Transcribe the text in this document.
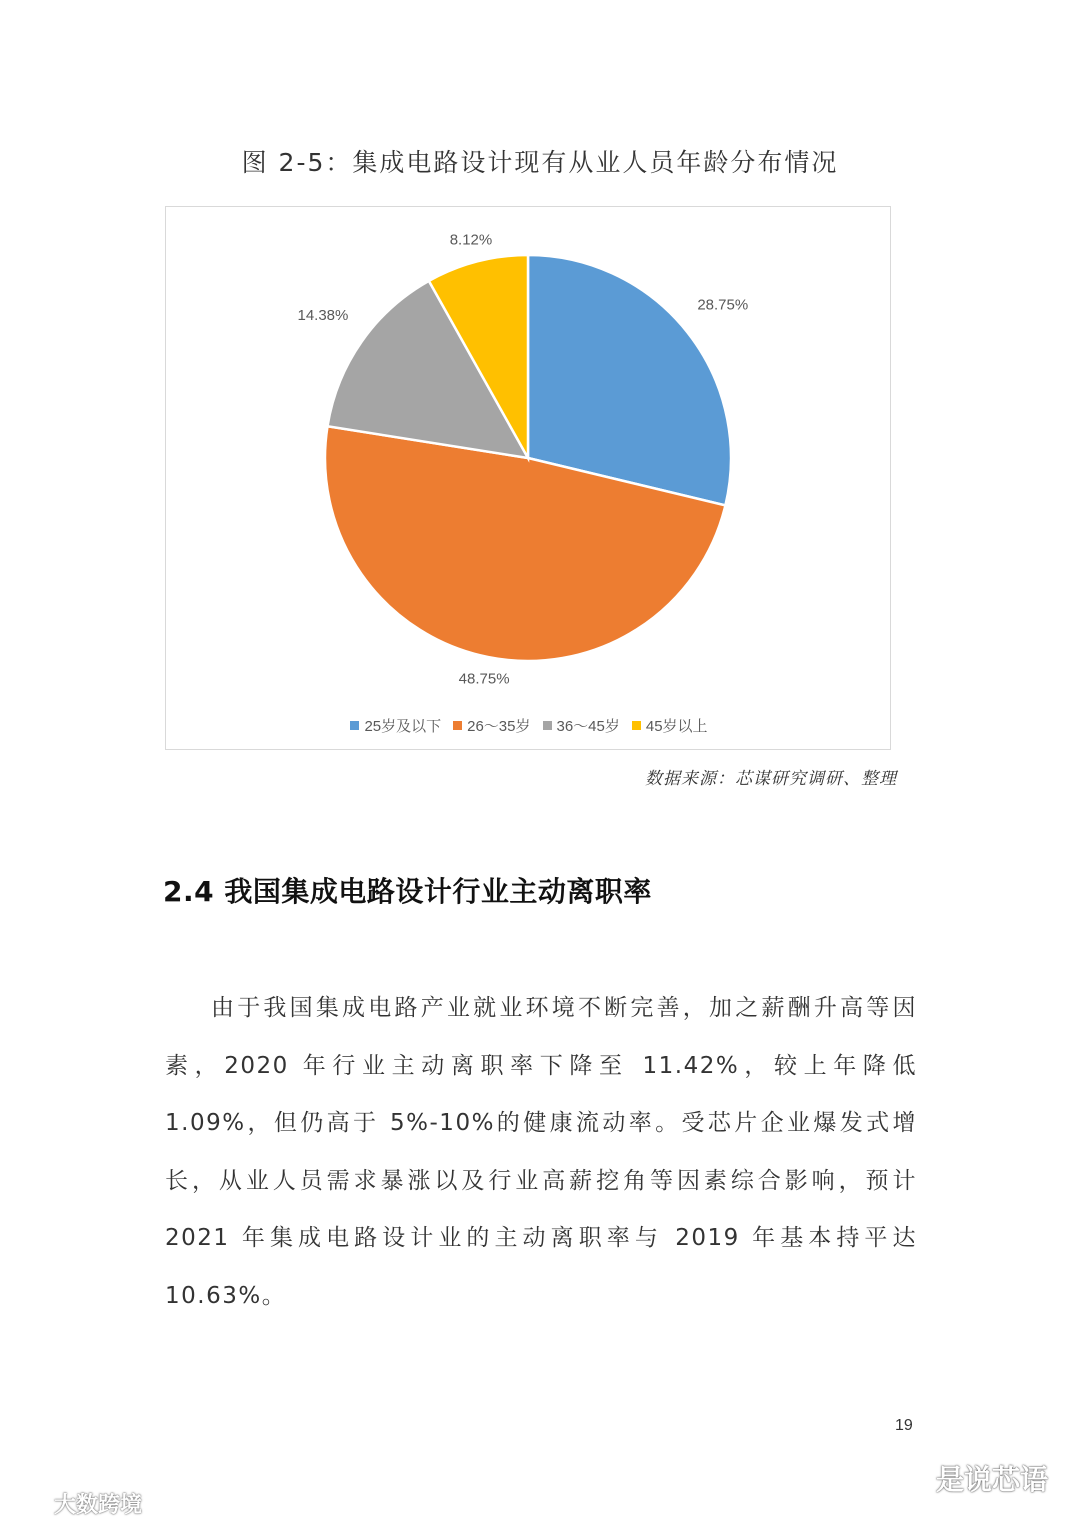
图 2-5：集成电路设计现有从业人员年龄分布情况
28.75%
48.75%
14.38%
8.12%
25岁及以下 26～35岁 36～45岁 45岁以上
数据来源：芯谋研究调研、整理
2.4 我国集成电路设计行业主动离职率
由于我国集成电路产业就业环境不断完善，加之薪酬升高等因素，2020 年行业主动离职率下降至 11.42%，较上年降低 1.09%，但仍高于 5%-10%的健康流动率。受芯片企业爆发式增长，从业人员需求暴涨以及行业高薪挖角等因素综合影响，预计 2021 年集成电路设计业的主动离职率与 2019 年基本持平达 10.63%。
19
大数跨境
是说芯语
